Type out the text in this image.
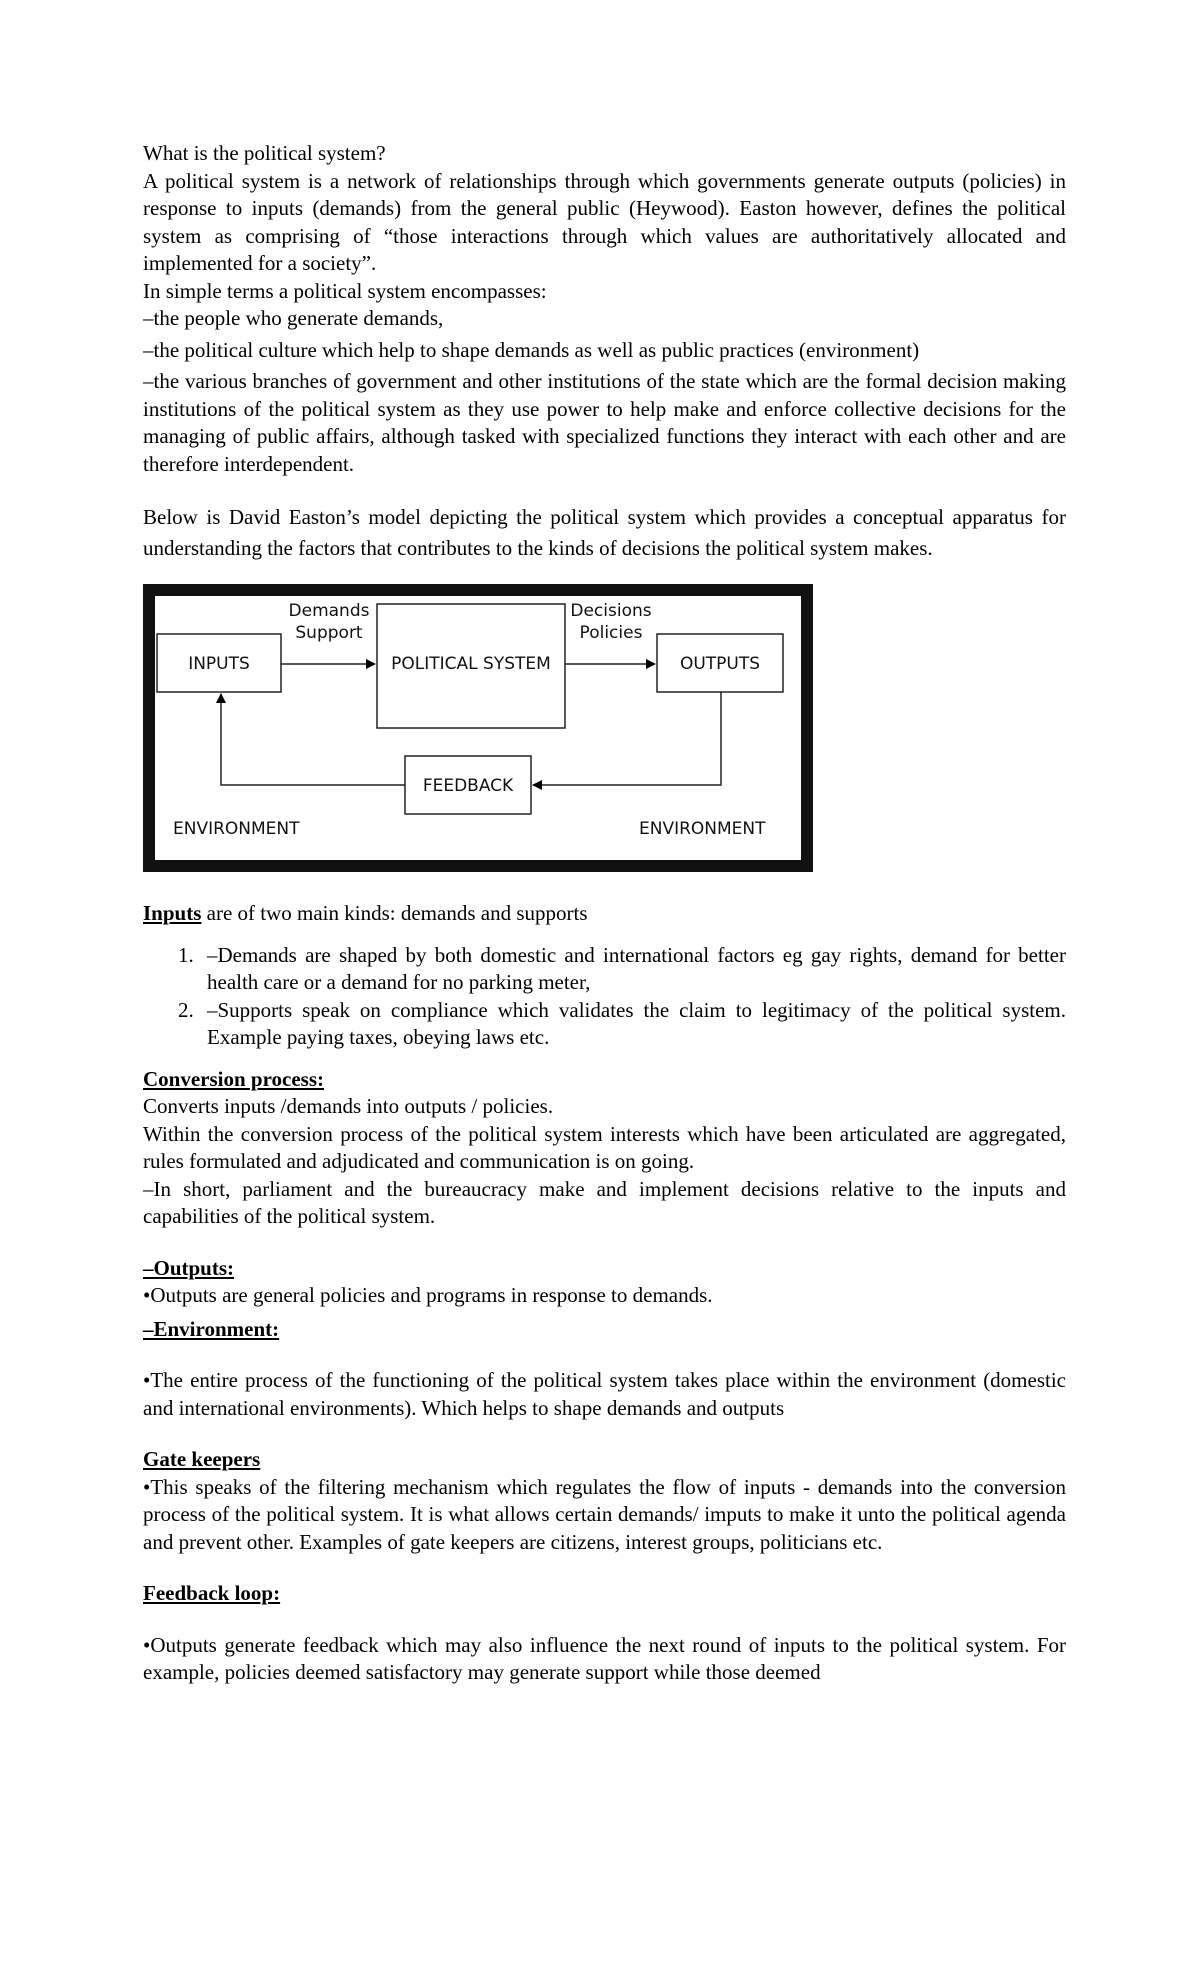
What is the political system?

A political system is a network of relationships through which governments generate outputs (policies) in response to inputs (demands) from the general public (Heywood). Easton however, defines the political system as comprising of “those interactions through which values are authoritatively allocated and implemented for a society”.

In simple terms a political system encompasses:

–the people who generate demands,

–the political culture which help to shape demands as well as public practices (environment)

–the various branches of government and other institutions of the state which are the formal decision making institutions of the political system as they use power to help make and enforce collective decisions for the managing of public affairs, although tasked with specialized functions they interact with each other and are therefore interdependent.

Below is David Easton’s model depicting the political system which provides a conceptual apparatus for understanding the factors that contributes to the kinds of decisions the political system makes.

INPUTS	POLITICAL SYSTEM	OUTPUTS
FEEDBACK
Demands
Support
Decisions
Policies
ENVIRONMENT	ENVIRONMENT

Inputs are of two main kinds: demands and supports

1. –Demands are shaped by both domestic and international factors eg gay rights, demand for better health care or a demand for no parking meter,
2. –Supports speak on compliance which validates the claim to legitimacy of the political system. Example paying taxes, obeying laws etc.

Conversion process:

Converts inputs /demands into outputs / policies.

Within the conversion process of the political system interests which have been articulated are aggregated, rules formulated and adjudicated and communication is on going.

–In short, parliament and the bureaucracy make and implement decisions relative to the inputs and capabilities of the political system.

–Outputs:

•Outputs are general policies and programs in response to demands.

–Environment:

•The entire process of the functioning of the political system takes place within the environment (domestic and international environments). Which helps to shape demands and outputs

Gate keepers

•This speaks of the filtering mechanism which regulates the flow of inputs - demands into the conversion process of the political system. It is what allows certain demands/ imputs to make it unto the political agenda and prevent other. Examples of gate keepers are citizens, interest groups, politicians etc.

Feedback loop:

•Outputs generate feedback which may also influence the next round of inputs to the political system. For example, policies deemed satisfactory may generate support while those deemed
